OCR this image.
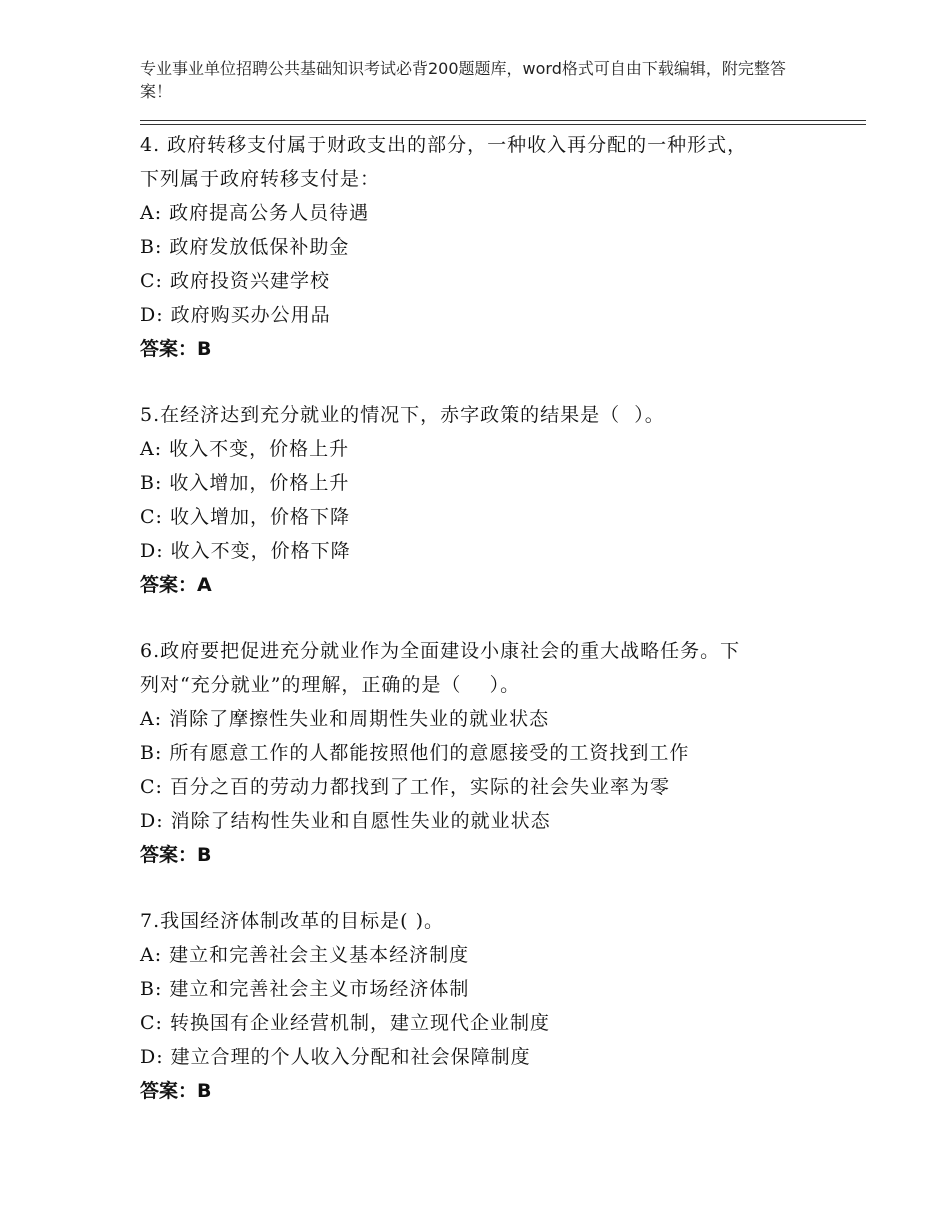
专业事业单位招聘公共基础知识考试必背200题题库，word格式可自由下载编辑，附完整答案！
4. 政府转移支付属于财政支出的部分，一种收入再分配的一种形式，
下列属于政府转移支付是：
A: 政府提高公务人员待遇
B: 政府发放低保补助金
C: 政府投资兴建学校
D: 政府购买办公用品
答案：B
5.在经济达到充分就业的情况下，赤字政策的结果是（  ）。
A: 收入不变，价格上升
B: 收入增加，价格上升
C: 收入增加，价格下降
D: 收入不变，价格下降
答案：A
6.政府要把促进充分就业作为全面建设小康社会的重大战略任务。下
列对“充分就业”的理解，正确的是（    ）。
A: 消除了摩擦性失业和周期性失业的就业状态
B: 所有愿意工作的人都能按照他们的意愿接受的工资找到工作
C: 百分之百的劳动力都找到了工作，实际的社会失业率为零
D: 消除了结构性失业和自愿性失业的就业状态
答案：B
7.我国经济体制改革的目标是( )。
A: 建立和完善社会主义基本经济制度
B: 建立和完善社会主义市场经济体制
C: 转换国有企业经营机制，建立现代企业制度
D: 建立合理的个人收入分配和社会保障制度
答案：B
